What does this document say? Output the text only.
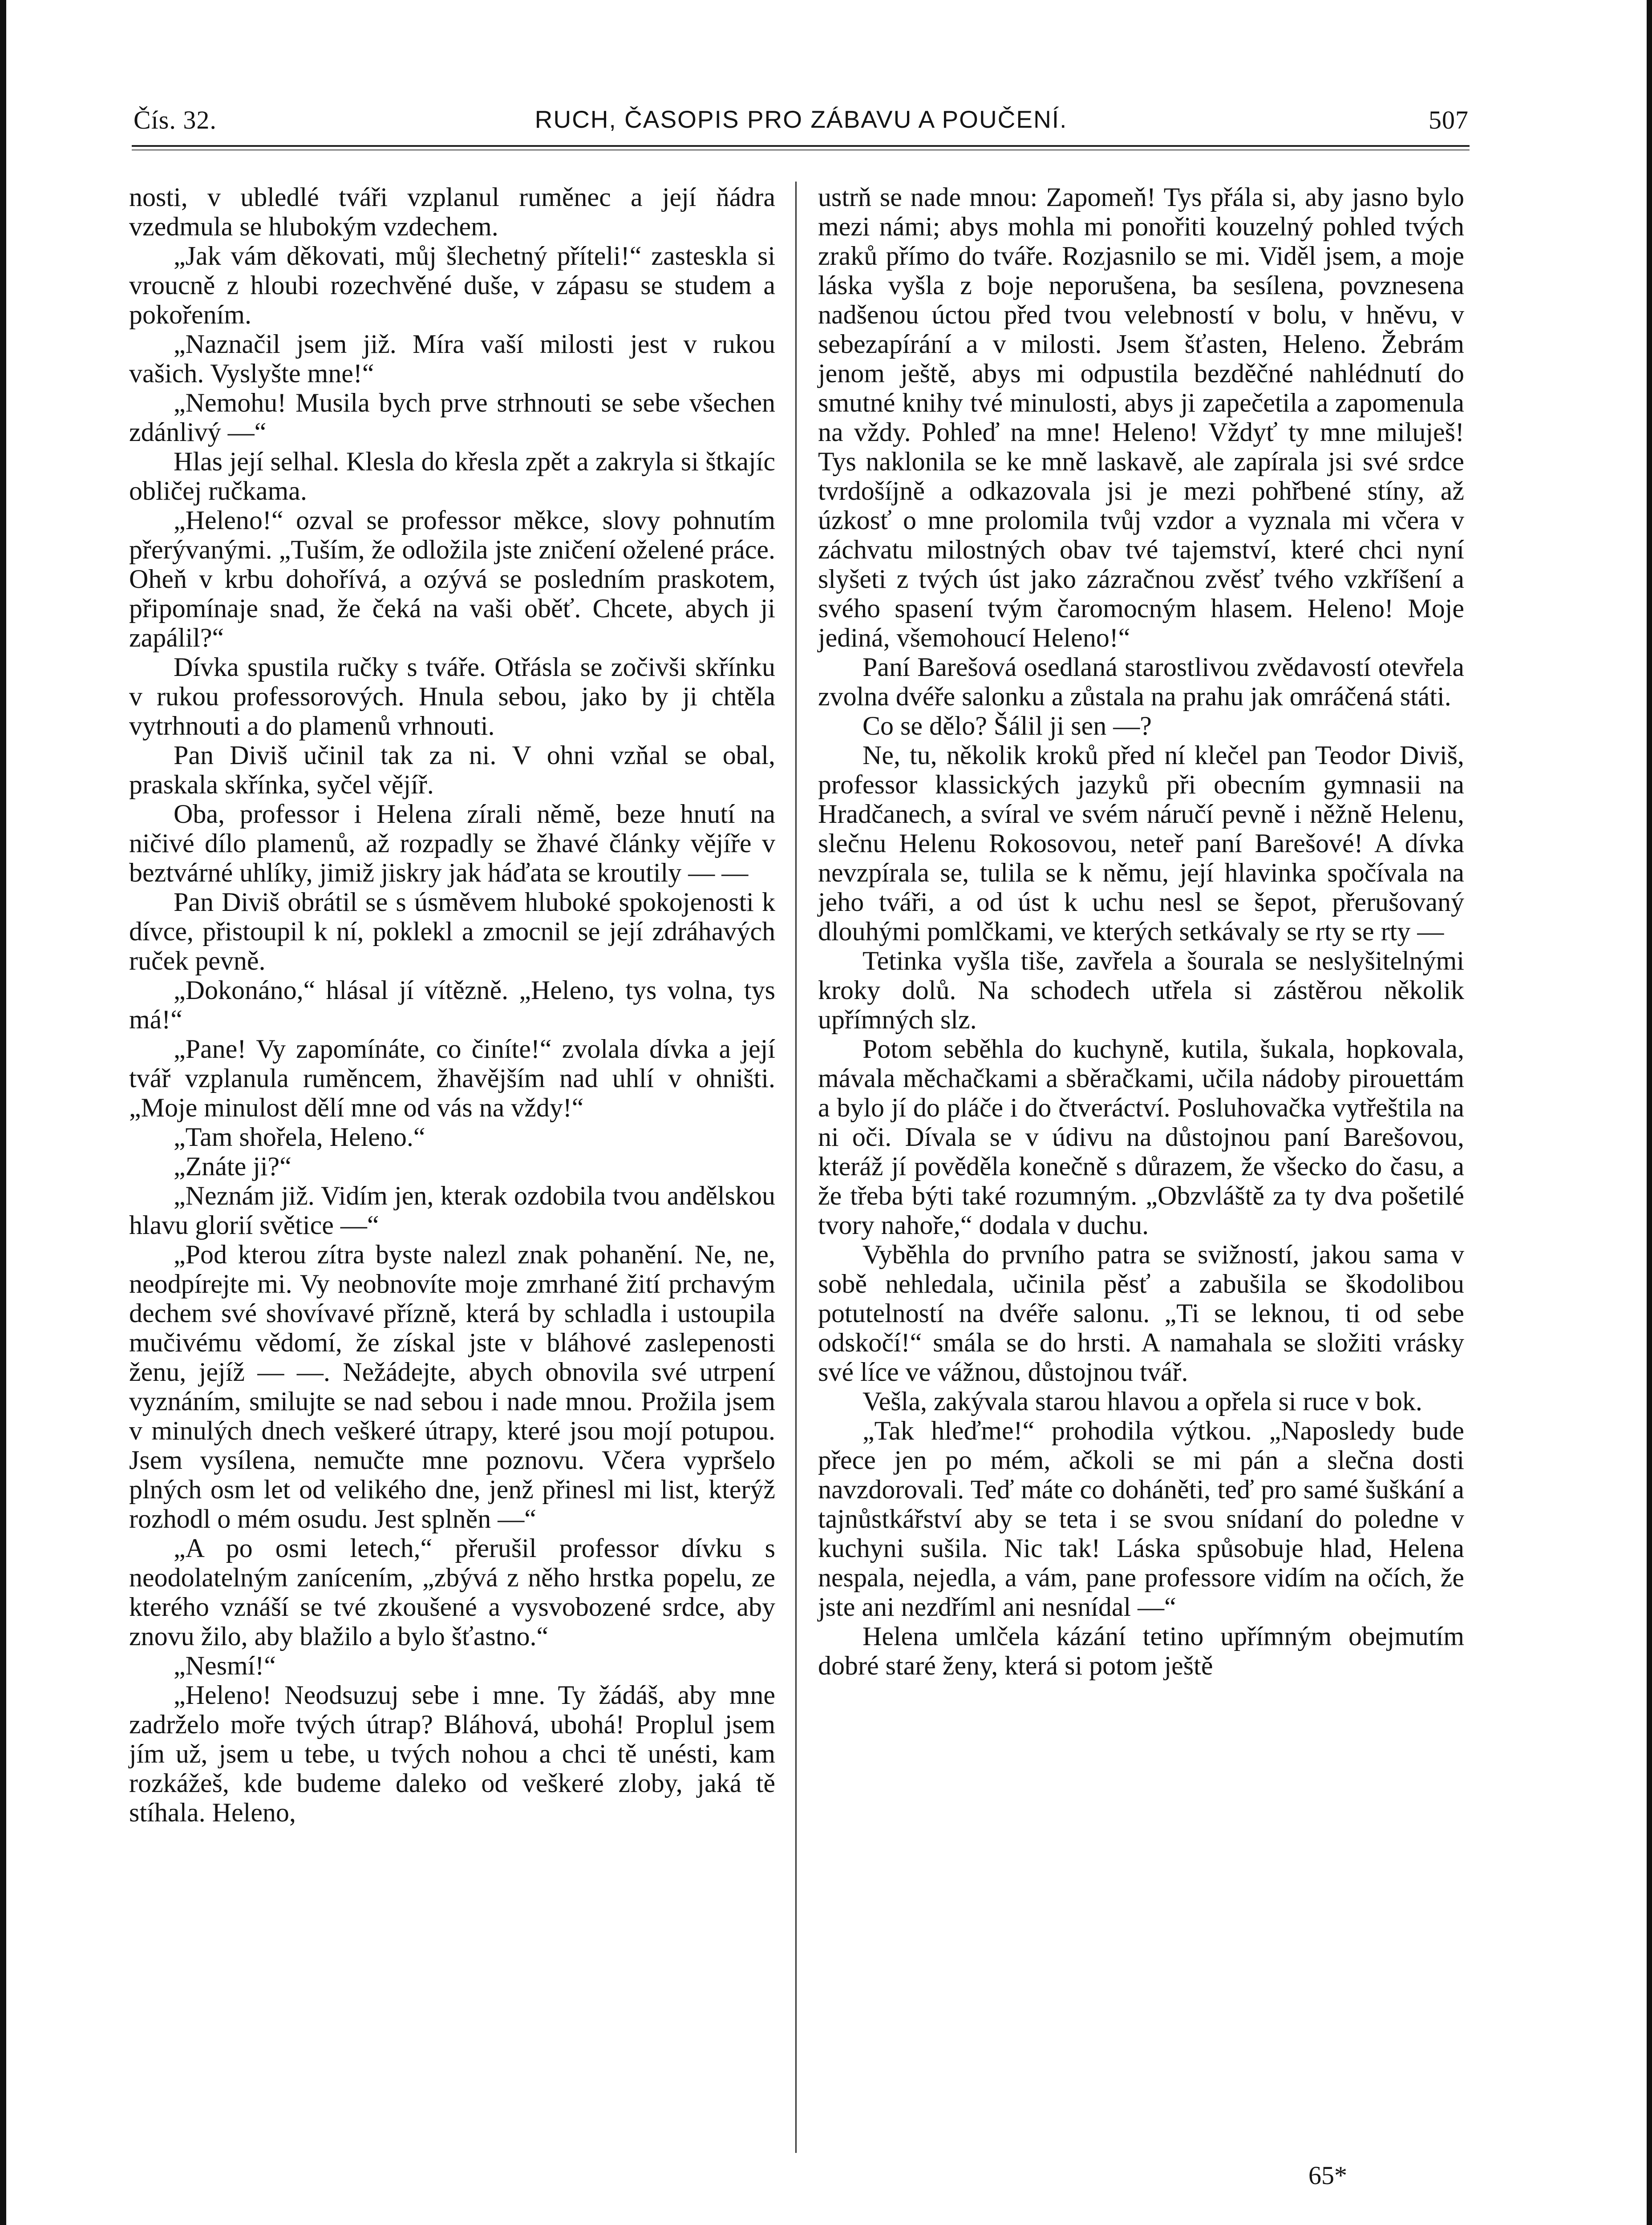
Čís. 32.	RUCH, ČASOPIS PRO ZÁBAVU A POUČENÍ.	507

nosti, v ubledlé tváři vzplanul ruměnec a její ňádra vzedmula se hlubokým vzdechem.

„Jak vám děkovati, můj šlechetný příteli!“ zasteskla si vroucně z hloubi rozechvěné duše, v zápasu se studem a pokořením.

„Naznačil jsem již. Míra vaší milosti jest v rukou vašich. Vyslyšte mne!“

„Nemohu! Musila bych prve strhnouti se sebe všechen zdánlivý —“

Hlas její selhal. Klesla do křesla zpět a zakryla si štkajíc obličej ručkama.

„Heleno!“ ozval se professor měkce, slovy pohnutím přerývanými. „Tuším, že odložila jste zničení oželené práce. Oheň v krbu dohořívá, a ozývá se posledním praskotem, připomínaje snad, že čeká na vaši oběť. Chcete, abych ji zapálil?“

Dívka spustila ručky s tváře. Otřásla se zočivši skřínku v rukou professorových. Hnula sebou, jako by ji chtěla vytrhnouti a do plamenů vrhnouti.

Pan Diviš učinil tak za ni. V ohni vzňal se obal, praskala skřínka, syčel vějíř.

Oba, professor i Helena zírali němě, beze hnutí na ničivé dílo plamenů, až rozpadly se žhavé články vějíře v beztvárné uhlíky, jimiž jiskry jak háďata se kroutily — —

Pan Diviš obrátil se s úsměvem hluboké spokojenosti k dívce, přistoupil k ní, poklekl a zmocnil se její zdráhavých ruček pevně.

„Dokonáno,“ hlásal jí vítězně. „Heleno, tys volna, tys má!“

„Pane! Vy zapomínáte, co činíte!“ zvolala dívka a její tvář vzplanula ruměncem, žhavějším nad uhlí v ohništi. „Moje minulost dělí mne od vás na vždy!“

„Tam shořela, Heleno.“

„Znáte ji?“

„Neznám již. Vidím jen, kterak ozdobila tvou andělskou hlavu glorií světice —“

„Pod kterou zítra byste nalezl znak pohanění. Ne, ne, neodpírejte mi. Vy neobnovíte moje zmrhané žití prchavým dechem své shovívavé přízně, která by schladla i ustoupila mučivému vědomí, že získal jste v bláhové zaslepenosti ženu, jejíž — —. Nežádejte, abych obnovila své utrpení vyznáním, smilujte se nad sebou i nade mnou. Prožila jsem v minulých dnech veškeré útrapy, které jsou mojí potupou. Jsem vysílena, nemučte mne poznovu. Včera vypršelo plných osm let od velikého dne, jenž přinesl mi list, kterýž rozhodl o mém osudu. Jest splněn —“

„A po osmi letech,“ přerušil professor dívku s neodolatelným zanícením, „zbývá z něho hrstka popelu, ze kterého vznáší se tvé zkoušené a vysvobozené srdce, aby znovu žilo, aby blažilo a bylo šťastno.“

„Nesmí!“

„Heleno! Neodsuzuj sebe i mne. Ty žádáš, aby mne zadrželo moře tvých útrap? Bláhová, ubohá! Proplul jsem jím už, jsem u tebe, u tvých nohou a chci tě unésti, kam rozkážeš, kde budeme daleko od veškeré zloby, jaká tě stíhala. Heleno,

ustrň se nade mnou: Zapomeň! Tys přála si, aby jasno bylo mezi námi; abys mohla mi ponořiti kouzelný pohled tvých zraků přímo do tváře. Rozjasnilo se mi. Viděl jsem, a moje láska vyšla z boje neporušena, ba sesílena, povznesena nadšenou úctou před tvou velebností v bolu, v hněvu, v sebezapírání a v milosti. Jsem šťasten, Heleno. Žebrám jenom ještě, abys mi odpustila bezděčné nahlédnutí do smutné knihy tvé minulosti, abys ji zapečetila a zapomenula na vždy. Pohleď na mne! Heleno! Vždyť ty mne miluješ! Tys naklonila se ke mně laskavě, ale zapírala jsi své srdce tvrdošíjně a odkazovala jsi je mezi pohřbené stíny, až úzkosť o mne prolomila tvůj vzdor a vyznala mi včera v záchvatu milostných obav tvé tajemství, které chci nyní slyšeti z tvých úst jako zázračnou zvěsť tvého vzkříšení a svého spasení tvým čaromocným hlasem. Heleno! Moje jediná, všemohoucí Heleno!“

Paní Barešová osedlaná starostlivou zvědavostí otevřela zvolna dvéře salonku a zůstala na prahu jak omráčená státi.

Co se dělo? Šálil ji sen —?

Ne, tu, několik kroků před ní klečel pan Teodor Diviš, professor klassických jazyků při obecním gymnasii na Hradčanech, a svíral ve svém náručí pevně i něžně Helenu, slečnu Helenu Rokosovou, neteř paní Barešové! A dívka nevzpírala se, tulila se k němu, její hlavinka spočívala na jeho tváři, a od úst k uchu nesl se šepot, přerušovaný dlouhými pomlčkami, ve kterých setkávaly se rty se rty —

Tetinka vyšla tiše, zavřela a šourala se neslyšitelnými kroky dolů. Na schodech utřela si zástěrou několik upřímných slz.

Potom seběhla do kuchyně, kutila, šukala, hopkovala, mávala měchačkami a sběračkami, učila nádoby pirouettám a bylo jí do pláče i do čtveráctví. Posluhovačka vytřeštila na ni oči. Dívala se v údivu na důstojnou paní Barešovou, kteráž jí pověděla konečně s důrazem, že všecko do času, a že třeba býti také rozumným. „Obzvláště za ty dva pošetilé tvory nahoře,“ dodala v duchu.

Vyběhla do prvního patra se svižností, jakou sama v sobě nehledala, učinila pěsť a zabušila se škodolibou potutelností na dvéře salonu. „Ti se leknou, ti od sebe odskočí!“ smála se do hrsti. A namahala se složiti vrásky své líce ve vážnou, důstojnou tvář.

Vešla, zakývala starou hlavou a opřela si ruce v bok.

„Tak hleďme!“ prohodila výtkou. „Naposledy bude přece jen po mém, ačkoli se mi pán a slečna dosti navzdorovali. Teď máte co doháněti, teď pro samé šuškání a tajnůstkářství aby se teta i se svou snídaní do poledne v kuchyni sušila. Nic tak! Láska spůsobuje hlad, Helena nespala, nejedla, a vám, pane professore vidím na očích, že jste ani nezdříml ani nesnídal —“

Helena umlčela kázání tetino upřímným obejmutím dobré staré ženy, která si potom ještě

65*
